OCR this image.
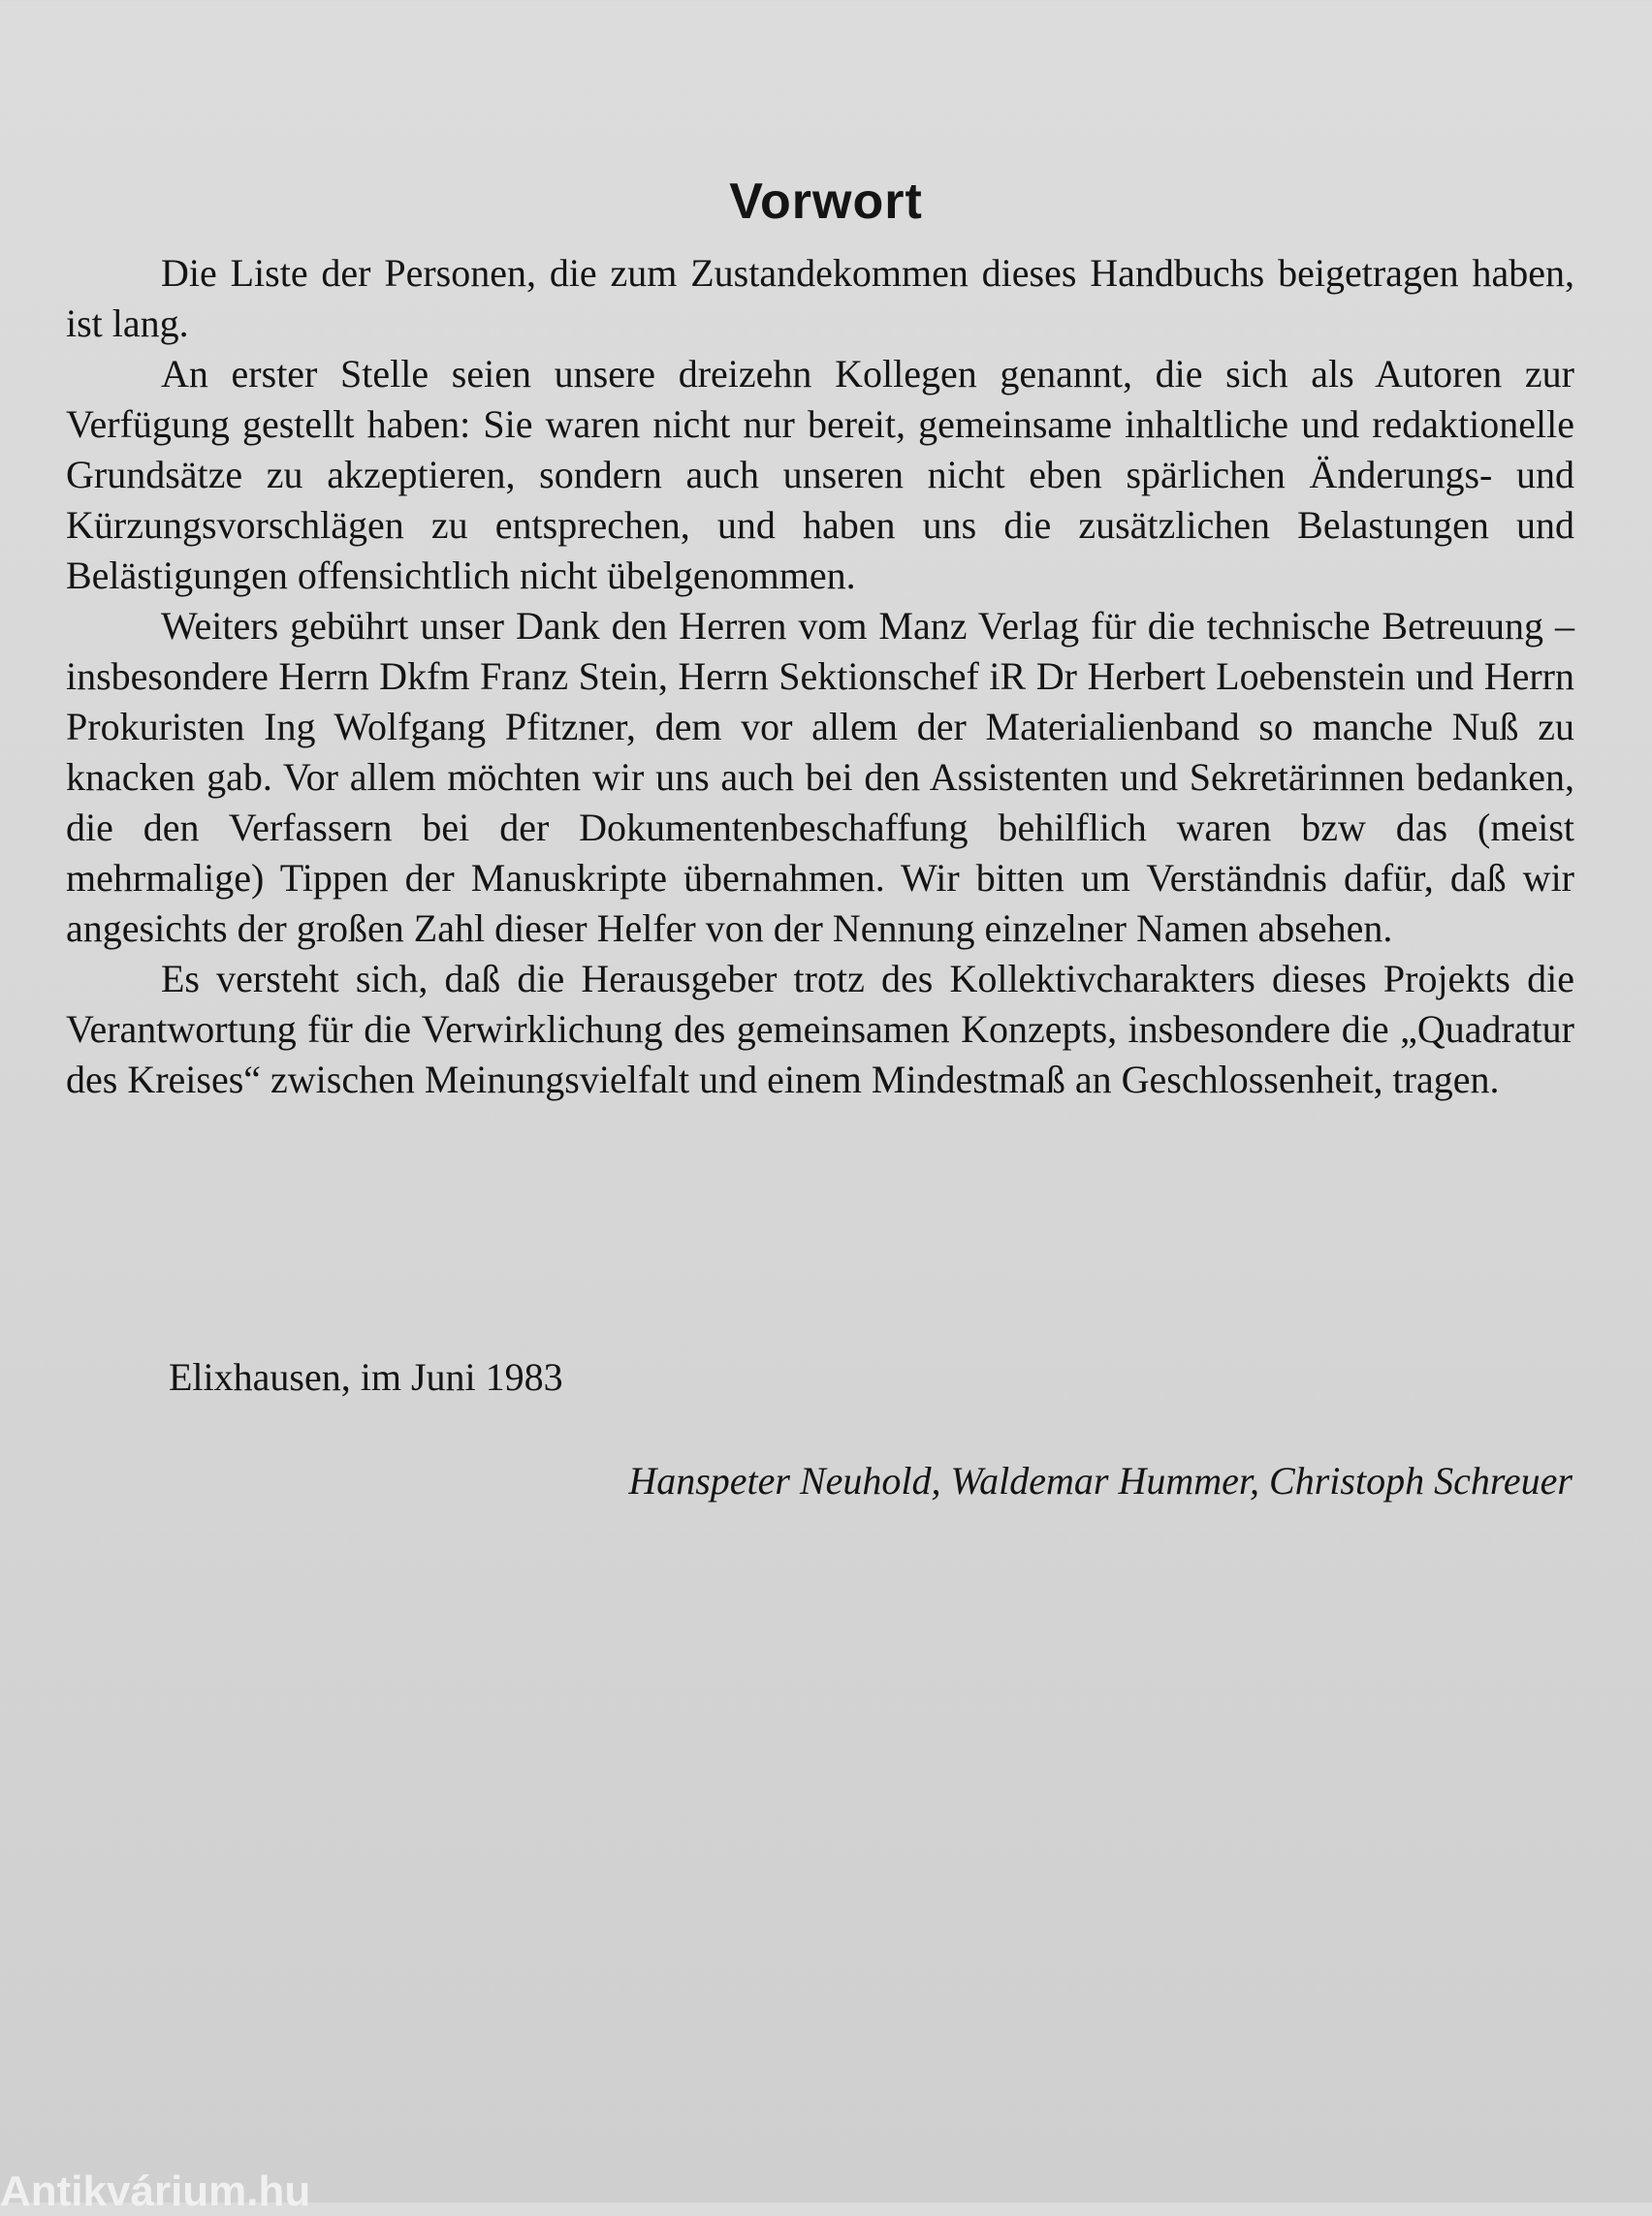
Vorwort

Die Liste der Personen, die zum Zustandekommen dieses Handbuchs beigetragen haben, ist lang.

An erster Stelle seien unsere dreizehn Kollegen genannt, die sich als Autoren zur Verfügung gestellt haben: Sie waren nicht nur bereit, gemeinsame inhaltliche und redaktionelle Grundsätze zu akzeptieren, sondern auch unseren nicht eben spärlichen Änderungs- und Kürzungsvorschlägen zu entsprechen, und haben uns die zusätzlichen Belastungen und Belästigungen offensichtlich nicht übelgenommen.

Weiters gebührt unser Dank den Herren vom Manz Verlag für die technische Betreuung – insbesondere Herrn Dkfm Franz Stein, Herrn Sektionschef iR Dr Herbert Loebenstein und Herrn Prokuristen Ing Wolfgang Pfitzner, dem vor allem der Materialienband so manche Nuß zu knacken gab. Vor allem möchten wir uns auch bei den Assistenten und Sekretärinnen bedanken, die den Verfassern bei der Dokumentenbeschaffung behilflich waren bzw das (meist mehrmalige) Tippen der Manuskripte übernahmen. Wir bitten um Verständnis dafür, daß wir angesichts der großen Zahl dieser Helfer von der Nennung einzelner Namen absehen.

Es versteht sich, daß die Herausgeber trotz des Kollektivcharakters dieses Projekts die Verantwortung für die Verwirklichung des gemeinsamen Konzepts, insbesondere die „Quadratur des Kreises“ zwischen Meinungsvielfalt und einem Mindestmaß an Geschlossenheit, tragen.

Elixhausen, im Juni 1983
Hanspeter Neuhold, Waldemar Hummer, Christoph Schreuer
Antikvárium.hu
